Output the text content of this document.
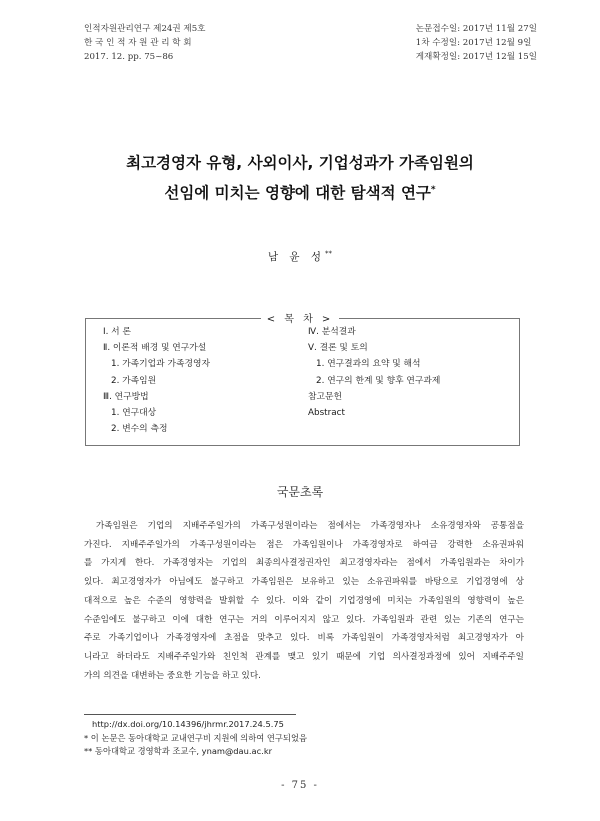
인적자원관리연구 제24권 제5호
한 국 인 적 자 원 관 리 학 회
2017. 12. pp. 75~86
논문접수일: 2017년 11월 27일
1차 수정일: 2017년 12월 9일
게재확정일: 2017년 12월 15일
최고경영자 유형, 사외이사, 기업성과가 가족임원의
선임에 미치는 영향에 대한 탐색적 연구*
남 윤 성**
< 목 차 >
Ⅰ. 서 론
Ⅱ. 이론적 배경 및 연구가설
1. 가족기업과 가족경영자
2. 가족임원
Ⅲ. 연구방법
1. 연구대상
2. 변수의 측정
Ⅳ. 분석결과
Ⅴ. 결론 및 토의
1. 연구결과의 요약 및 해석
2. 연구의 한계 및 향후 연구과제
참고문헌
Abstract
국문초록
가족임원은 기업의 지배주주일가의 가족구성원이라는 점에서는 가족경영자나 소유경영자와 공통점을
가진다. 지배주주일가의 가족구성원이라는 점은 가족임원이나 가족경영자로 하여금 강력한 소유권파워
를 가지게 한다. 가족경영자는 기업의 최종의사결정권자인 최고경영자라는 점에서 가족임원과는 차이가
있다. 최고경영자가 아님에도 불구하고 가족임원은 보유하고 있는 소유권파워를 바탕으로 기업경영에 상
대적으로 높은 수준의 영향력을 발휘할 수 있다. 이와 같이 기업경영에 미치는 가족임원의 영향력이 높은
수준임에도 불구하고 이에 대한 연구는 거의 이루어지지 않고 있다. 가족임원과 관련 있는 기존의 연구는
주로 가족기업이나 가족경영자에 초점을 맞추고 있다. 비록 가족임원이 가족경영자처럼 최고경영자가 아
니라고 하더라도 지배주주일가와 친인척 관계를 맺고 있기 때문에 기업 의사결정과정에 있어 지배주주일
가의 의견을 대변하는 중요한 기능을 하고 있다.
http://dx.doi.org/10.14396/jhrmr.2017.24.5.75
* 이 논문은 동아대학교 교내연구비 지원에 의하여 연구되었음
** 동아대학교 경영학과 조교수, ynam@dau.ac.kr
- 75 -
